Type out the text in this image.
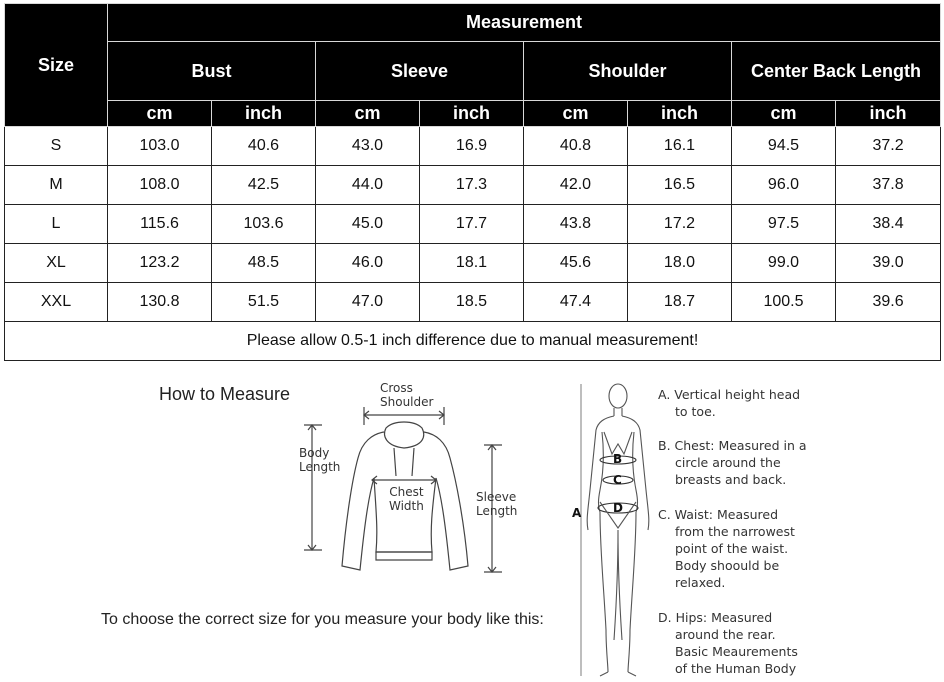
Size	Measurement							
	Bust		Sleeve		Shoulder		Center Back Length	
	cm	inch	cm	inch	cm	inch	cm	inch
S	103.0	40.6	43.0	16.9	40.8	16.1	94.5	37.2
M	108.0	42.5	44.0	17.3	42.0	16.5	96.0	37.8
L	115.6	103.6	45.0	17.7	43.8	17.2	97.5	38.4
XL	123.2	48.5	46.0	18.1	45.6	18.0	99.0	39.0
XXL	130.8	51.5	47.0	18.5	47.4	18.7	100.5	39.6
Please allow 0.5-1 inch difference due to manual measurement!								
How to Measure	Cross
Shoulder
Body
Length
Chest
Width
Sleeve
Length
To choose the correct size for you measure your body like this:
A
B
C
D
A. Vertical height head
to toe.
B. Chest: Measured in a
circle around the
breasts and back.
C. Waist: Measured
from the narrowest
point of the waist.
Body shoould be
relaxed.
D. Hips: Measured
around the rear.
Basic Meaurements
of the Human Body
